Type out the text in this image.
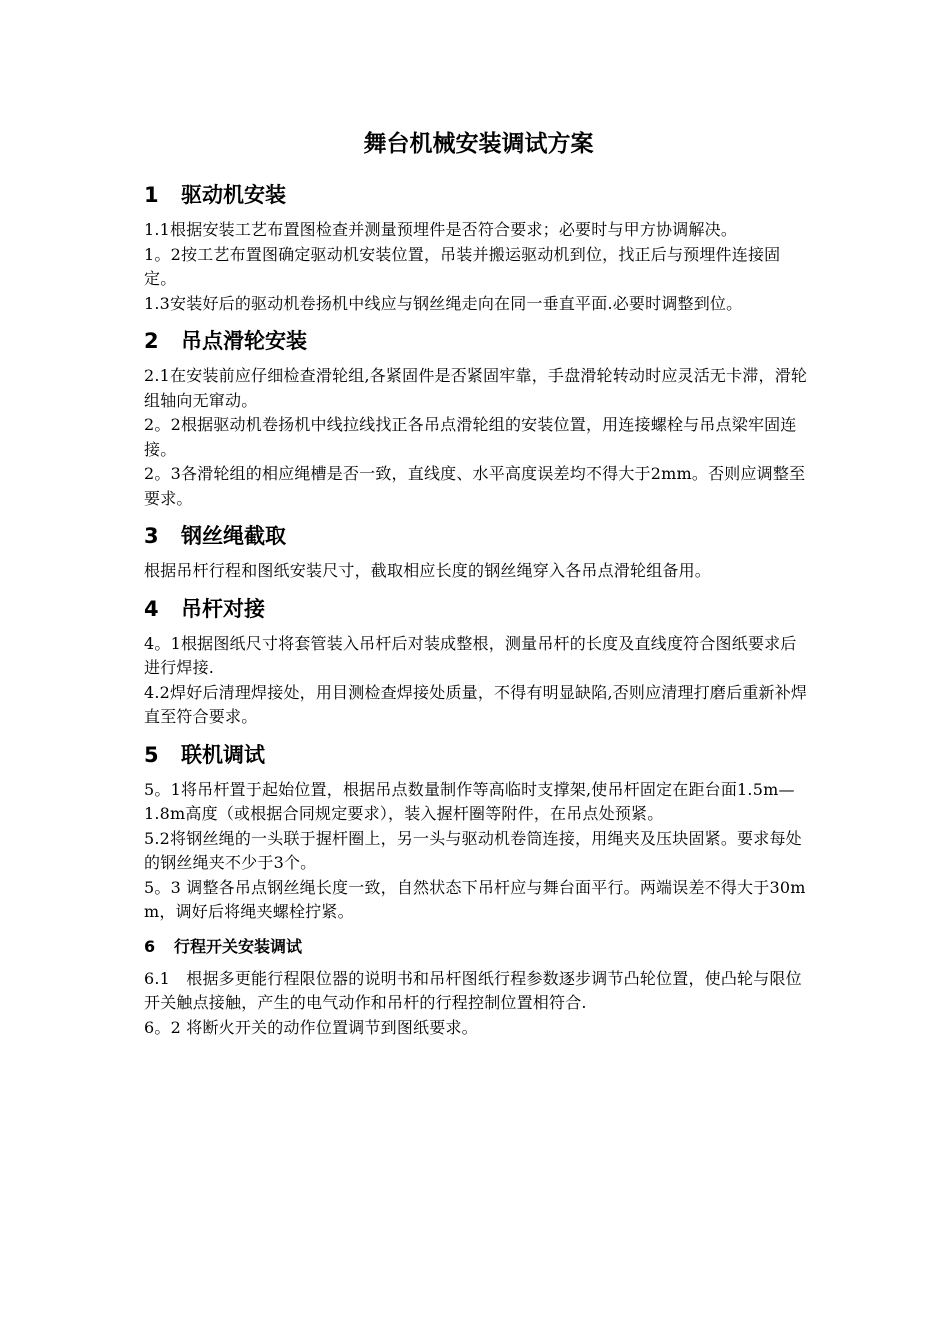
舞台机械安装调试方案
1 驱动机安装

1.1根据安装工艺布置图检查并测量预埋件是否符合要求；必要时与甲方协调解决。

1。2按工艺布置图确定驱动机安装位置，吊装并搬运驱动机到位，找正后与预埋件连接固定。

1.3安装好后的驱动机卷扬机中线应与钢丝绳走向在同一垂直平面.必要时调整到位。

2 吊点滑轮安装

2.1在安装前应仔细检查滑轮组,各紧固件是否紧固牢靠，手盘滑轮转动时应灵活无卡滞，滑轮组轴向无窜动。

2。2根据驱动机卷扬机中线拉线找正各吊点滑轮组的安装位置，用连接螺栓与吊点梁牢固连接。

2。3各滑轮组的相应绳槽是否一致，直线度、水平高度误差均不得大于2mm。否则应调整至要求。

3 钢丝绳截取

根据吊杆行程和图纸安装尺寸，截取相应长度的钢丝绳穿入各吊点滑轮组备用。

4 吊杆对接

4。1根据图纸尺寸将套管装入吊杆后对装成整根，测量吊杆的长度及直线度符合图纸要求后进行焊接.

4.2焊好后清理焊接处，用目测检查焊接处质量，不得有明显缺陷,否则应清理打磨后重新补焊直至符合要求。

5 联机调试

5。1将吊杆置于起始位置，根据吊点数量制作等高临时支撑架,使吊杆固定在距台面1.5m—1.8m高度（或根据合同规定要求），装入握杆圈等附件，在吊点处预紧。

5.2将钢丝绳的一头联于握杆圈上，另一头与驱动机卷筒连接，用绳夹及压块固紧。要求每处的钢丝绳夹不少于3个。

5。3 调整各吊点钢丝绳长度一致，自然状态下吊杆应与舞台面平行。两端误差不得大于30mm，调好后将绳夹螺栓拧紧。

6 行程开关安装调试

6.1　根据多更能行程限位器的说明书和吊杆图纸行程参数逐步调节凸轮位置，使凸轮与限位开关触点接触，产生的电气动作和吊杆的行程控制位置相符合.

6。2 将断火开关的动作位置调节到图纸要求。
